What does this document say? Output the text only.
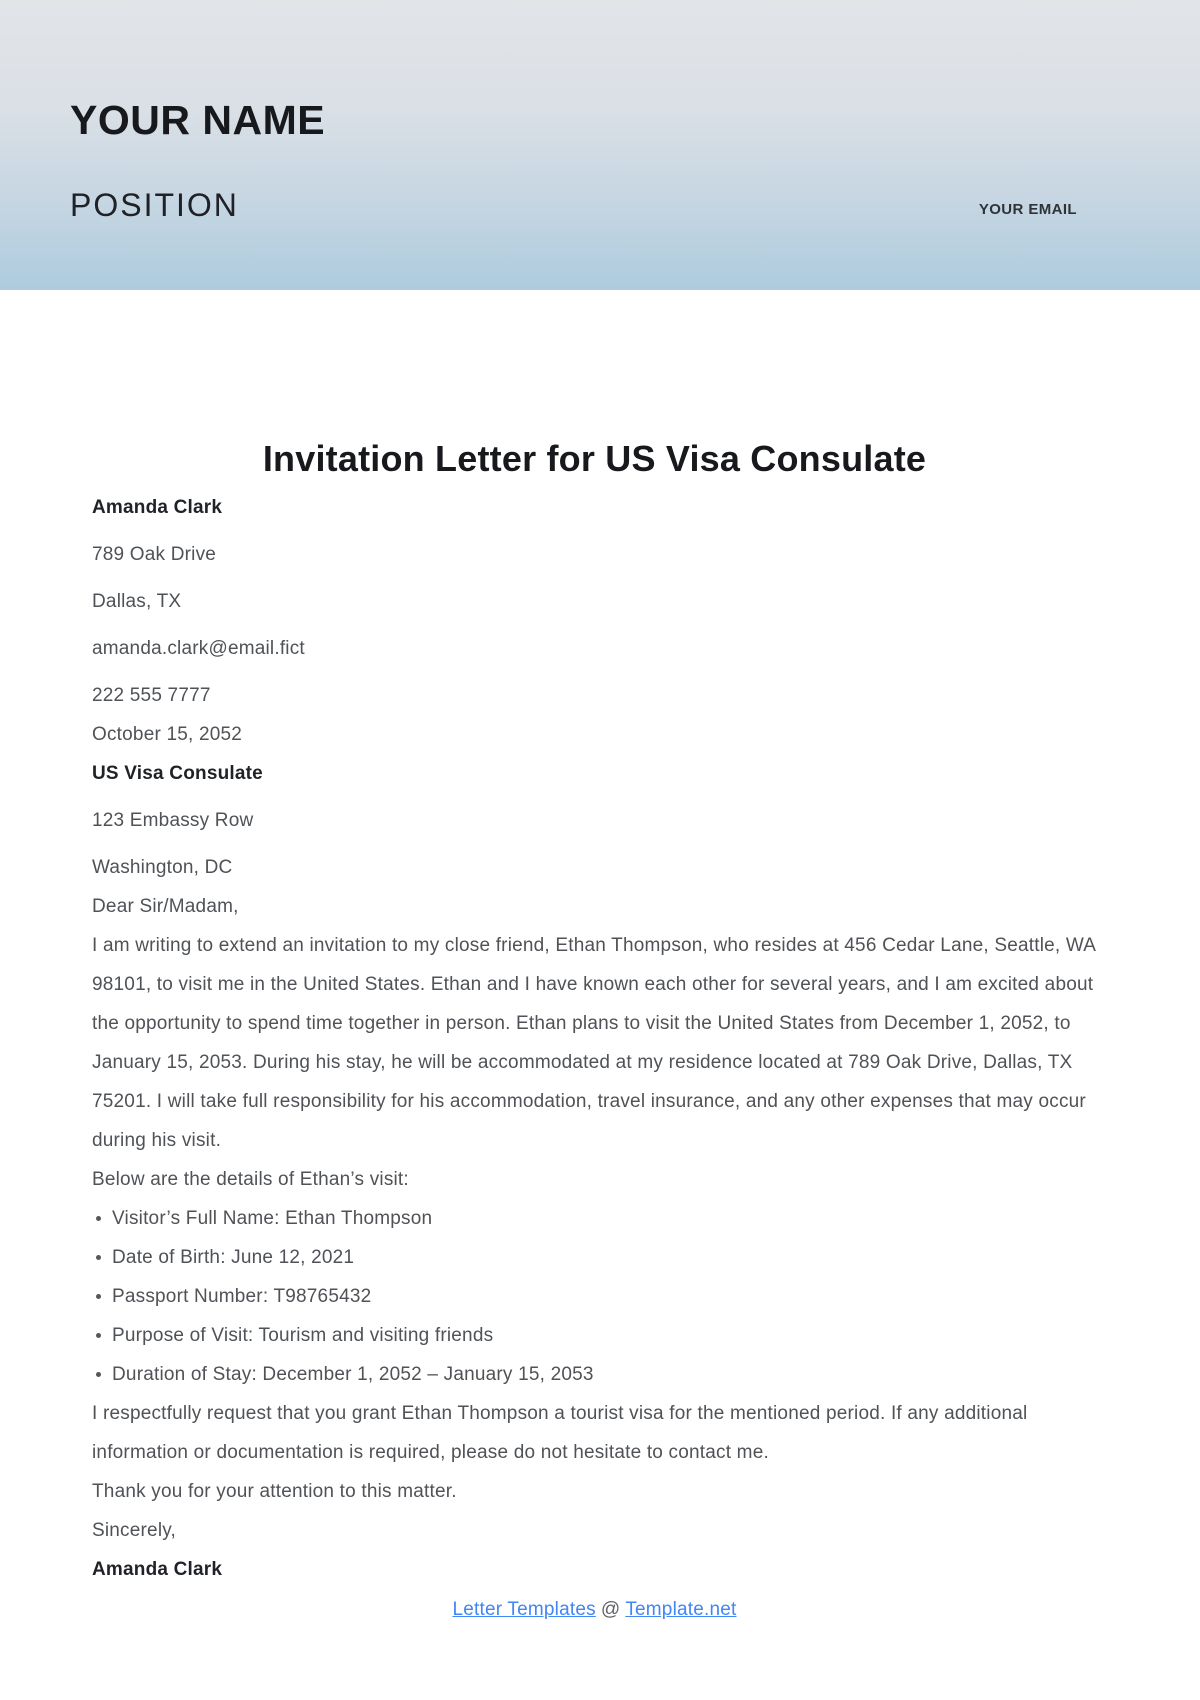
YOUR NAME
POSITION	YOUR EMAIL
Invitation Letter for US Visa Consulate

Amanda Clark

789 Oak Drive

Dallas, TX

amanda.clark@email.fict

222 555 7777

October 15, 2052

US Visa Consulate

123 Embassy Row

Washington, DC

Dear Sir/Madam,

I am writing to extend an invitation to my close friend, Ethan Thompson, who resides at 456 Cedar Lane, Seattle, WA 98101, to visit me in the United States. Ethan and I have known each other for several years, and I am excited about the opportunity to spend time together in person. Ethan plans to visit the United States from December 1, 2052, to January 15, 2053. During his stay, he will be accommodated at my residence located at 789 Oak Drive, Dallas, TX 75201. I will take full responsibility for his accommodation, travel insurance, and any other expenses that may occur during his visit.

Below are the details of Ethan’s visit:

Visitor’s Full Name: Ethan Thompson
Date of Birth: June 12, 2021
Passport Number: T98765432
Purpose of Visit: Tourism and visiting friends
Duration of Stay: December 1, 2052 – January 15, 2053

I respectfully request that you grant Ethan Thompson a tourist visa for the mentioned period. If any additional information or documentation is required, please do not hesitate to contact me.

Thank you for your attention to this matter.

Sincerely,

Amanda Clark

Letter Templates @ Template.net
